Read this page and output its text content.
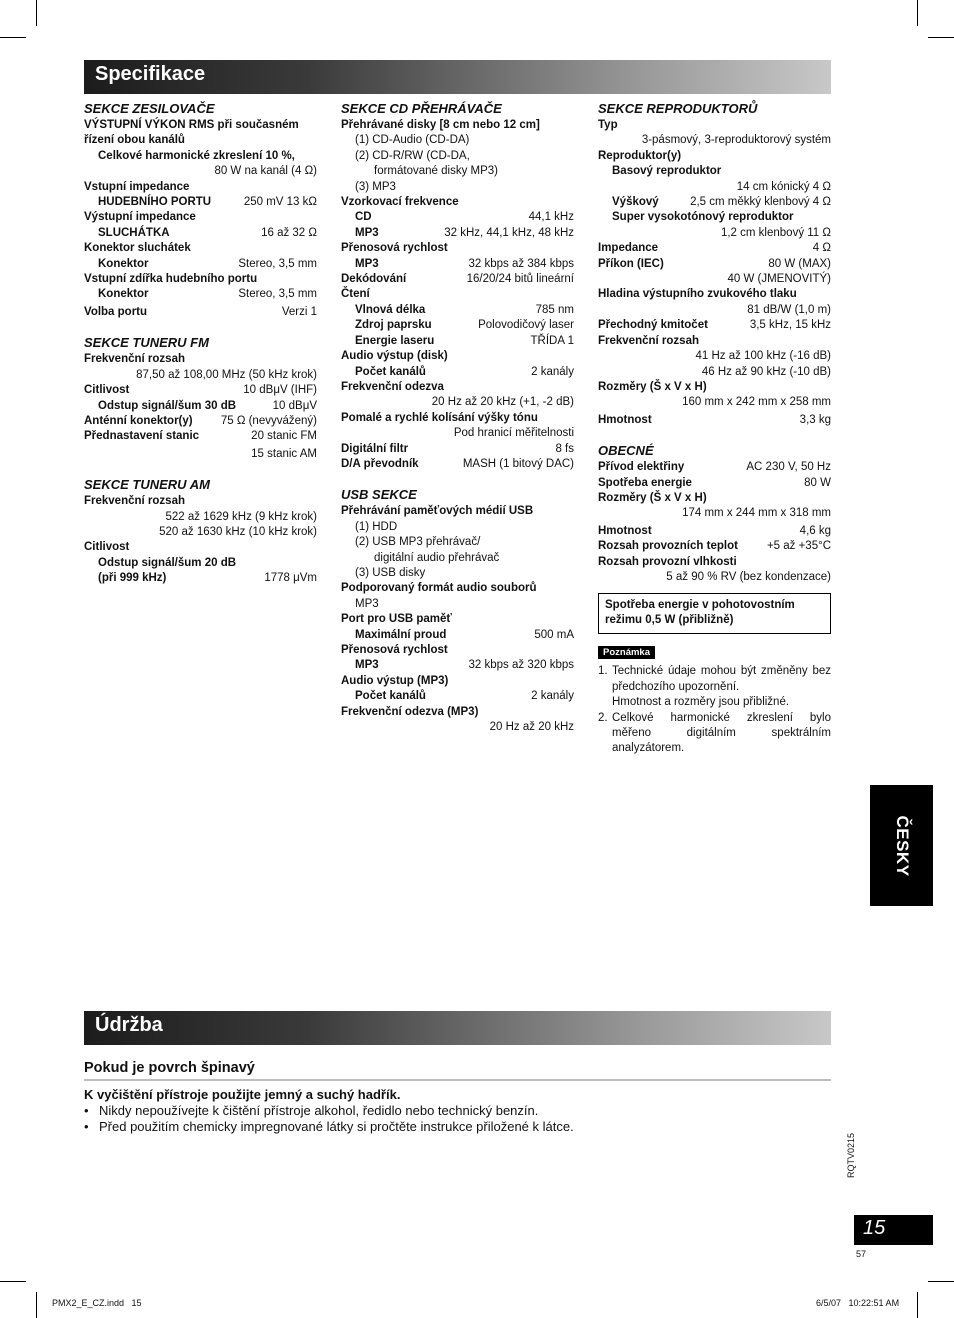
Specifikace
SEKCE ZESILOVAČE
VÝSTUPNÍ VÝKON RMS při současném
řízení obou kanálů
Celkové harmonické zkreslení 10 %,
80 W na kanál (4 Ω)
Vstupní impedance
HUDEBNÍHO PORTU	250 mV 13 kΩ
Výstupní impedance
SLUCHÁTKA	16 až 32 Ω
Konektor sluchátek
Konektor	Stereo, 3,5 mm
Vstupní zdířka hudebního portu
Konektor	Stereo, 3,5 mm
Volba portu	Verzi 1
SEKCE TUNERU FM
Frekvenční rozsah
87,50 až 108,00 MHz (50 kHz krok)
Citlivost	10 dBμV (IHF)
Odstup signál/šum 30 dB	10 dBμV
Anténní konektor(y) 75 Ω (nevyvážený)
Přednastavení stanic	20 stanic FM
15 stanic AM
SEKCE TUNERU AM
Frekvenční rozsah
522 až 1629 kHz (9 kHz krok)
520 až 1630 kHz (10 kHz krok)
Citlivost
Odstup signál/šum 20 dB
(při 999 kHz)	1778 μVm
SEKCE CD PŘEHRÁVAČE
Přehrávané disky [8 cm nebo 12 cm]
(1) CD-Audio (CD-DA)
(2) CD-R/RW (CD-DA,
formátované disky MP3)
(3) MP3
Vzorkovací frekvence
CD	44,1 kHz
MP3	32 kHz, 44,1 kHz, 48 kHz
Přenosová rychlost
MP3	32 kbps až 384 kbps
Dekódování	16/20/24 bitů lineární
Čtení
Vlnová délka	785 nm
Zdroj paprsku	Polovodičový laser
Energie laseru	TŘÍDA 1
Audio výstup (disk)
Počet kanálů	2 kanály
Frekvenční odezva
20 Hz až 20 kHz (+1, -2 dB)
Pomalé a rychlé kolísání výšky tónu
Pod hranicí měřitelnosti
Digitální filtr	8 fs
D/A převodník	MASH (1 bitový DAC)
USB SEKCE
Přehrávání paměťových médií USB
(1) HDD
(2) USB MP3 přehrávač/
digitální audio přehrávač
(3) USB disky
Podporovaný formát audio souborů
MP3
Port pro USB paměť
Maximální proud	500 mA
Přenosová rychlost
MP3	32 kbps až 320 kbps
Audio výstup (MP3)
Počet kanálů	2 kanály
Frekvenční odezva (MP3)
20 Hz až 20 kHz
SEKCE REPRODUKTORŮ
Typ
3-pásmový, 3-reproduktorový systém
Reproduktor(y)
Basový reproduktor
14 cm kónický 4 Ω
Výškový	2,5 cm měkký klenbový 4 Ω
Super vysokotónový reproduktor
1,2 cm klenbový 11 Ω
Impedance	4 Ω
Příkon (IEC)	80 W (MAX)
40 W (JMENOVITÝ)
Hladina výstupního zvukového tlaku
81 dB/W (1,0 m)
Přechodný kmitočet	3,5 kHz, 15 kHz
Frekvenční rozsah
41 Hz až 100 kHz (-16 dB)
46 Hz až 90 kHz (-10 dB)
Rozměry (Š x V x H)
160 mm x 242 mm x 258 mm
Hmotnost	3,3 kg
OBECNÉ
Přívod elektřiny	AC 230 V, 50 Hz
Spotřeba energie	80 W
Rozměry (Š x V x H)
174 mm x 244 mm x 318 mm
Hmotnost	4,6 kg
Rozsah provozních teplot	+5 až +35°C
Rozsah provozní vlhkosti
5 až 90 % RV (bez kondenzace)
Spotřeba energie v pohotovostním režimu 0,5 W (přibližně)
Poznámka
1. Technické údaje mohou být změněny bez předchozího upozornění.
Hmotnost a rozměry jsou přibližné.
2. Celkové harmonické zkreslení bylo měřeno digitálním spektrálním analyzátorem.
ČESKY
Údržba
Pokud je povrch špinavý
K vyčištění přístroje použijte jemný a suchý hadřík.
• Nikdy nepoužívejte k čištění přístroje alkohol, ředidlo nebo technický benzín.
• Před použitím chemicky impregnované látky si pročtěte instrukce přiložené k látce.
RQTV0215
15
57
PMX2_E_CZ.indd   15	6/5/07   10:22:51 AM
